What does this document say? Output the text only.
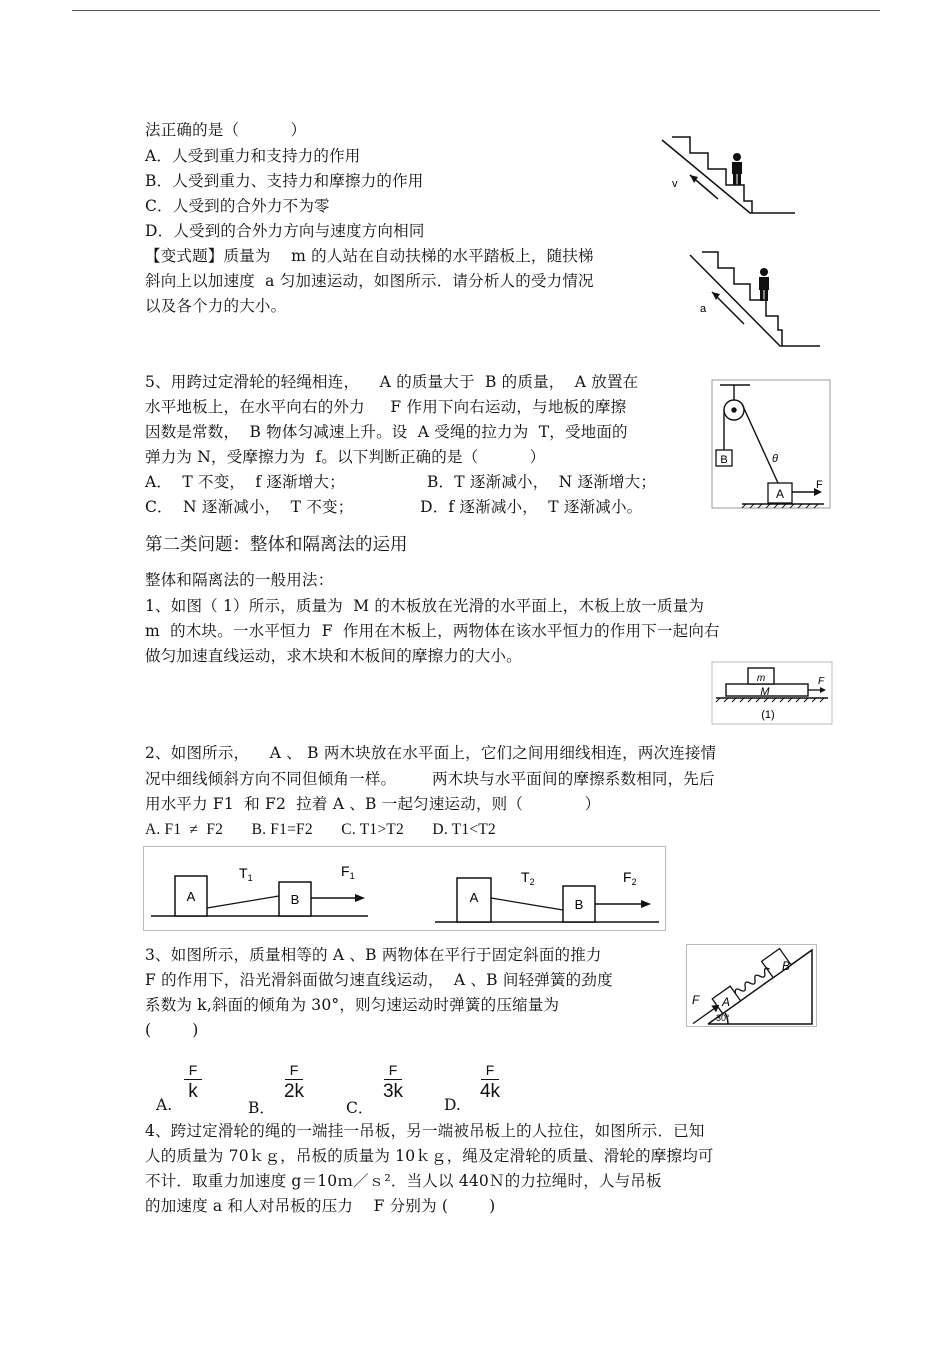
法正确的是（          ）
A．人受到重力和支持力的作用
B．人受到重力、支持力和摩擦力的作用
C．人受到的合外力不为零
D．人受到的合外力方向与速度方向相同
v
【变式题】质量为    m 的人站在自动扶梯的水平踏板上，随扶梯
斜向上以加速度  a 匀加速运动，如图所示．请分析人的受力情况
以及各个力的大小。	a
5、用跨过定滑轮的轻绳相连，    A 的质量大于  B 的质量，  A 放置在
水平地板上，在水平向右的外力     F 作用下向右运动，与地板的摩擦
因数是常数，  B 物体匀减速上升。设  A 受绳的拉力为  T，受地面的
弹力为 N，受摩擦力为  f。以下判断正确的是（          ）
A．  T 不变，  f 逐渐增大；                B．T 逐渐减小，  N 逐渐增大；
C．  N 逐渐减小，  T 不变；             D．f 逐渐减小，  T 逐渐减小。
B
A
F
θ
第二类问题：整体和隔离法的运用
整体和隔离法的一般用法：
1、如图（ 1）所示，质量为  M 的木板放在光滑的水平面上，木板上放一质量为
m  的木块。一水平恒力  F  作用在木板上，两物体在该水平恒力的作用下一起向右
做匀加速直线运动，求木块和木板间的摩擦力的大小。
m
M
F
(1)
2、如图所示，    A 、 B 两木块放在水平面上，它们之间用细线相连，两次连接情
况中细线倾斜方向不同但倾角一样。       两木块与水平面间的摩擦系数相同，先后
用水平力 F1  和 F2  拉着 A 、B 一起匀速运动，则（            ）
A. F1  ≠  F2       B. F1=F2       C. T1>T2       D. T1<T2
A	B
$T_1$	$F_1$
A	B
$T_2$	$F_2$
3、如图所示，质量相等的 A 、B 两物体在平行于固定斜面的推力
F 的作用下，沿光滑斜面做匀速直线运动，  A 、B 间轻弹簧的劲度
系数为 k,斜面的倾角为 30°，则匀速运动时弹簧的压缩量为
(        )
F A
B
30°
A.
F
k
B．
F
2k
C．
F
3k
D.
F
4k
4、跨过定滑轮的绳的一端挂一吊板，另一端被吊板上的人拉住，如图所示．已知
人的质量为 70ｋｇ，吊板的质量为 10ｋｇ，绳及定滑轮的质量、滑轮的摩擦均可
不计．取重力加速度 g＝10ｍ／ｓ²．当人以 440Ｎ的力拉绳时，人与吊板
的加速度 a 和人对吊板的压力    F 分别为 (        )
